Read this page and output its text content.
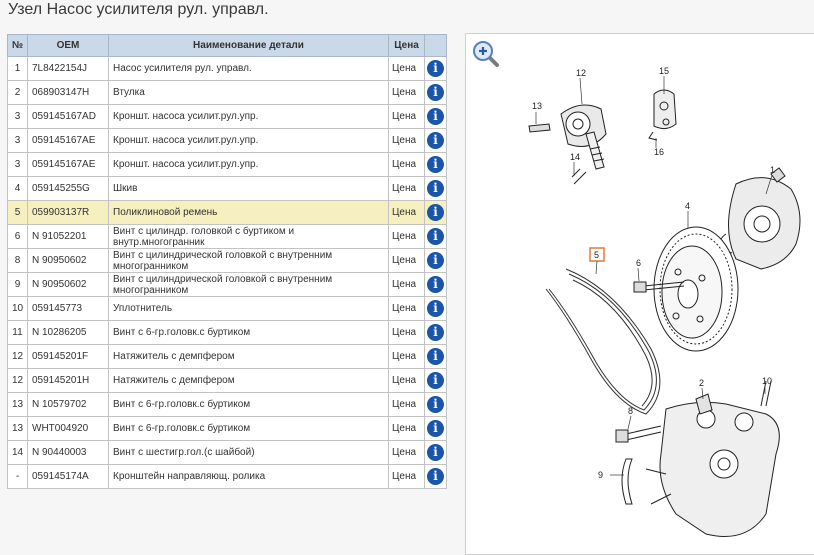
Узел Насос усилителя рул. управл.
№	OEM	Наименование детали	Цена	
1	7L8422154J	Насос усилителя рул. управл.	Цена	i
2	068903147H	Втулка	Цена	i
3	059145167AD	Кроншт. насоса усилит.рул.упр.	Цена	i
3	059145167AE	Кроншт. насоса усилит.рул.упр.	Цена	i
3	059145167AE	Кроншт. насоса усилит.рул.упр.	Цена	i
4	059145255G	Шкив	Цена	i
5	059903137R	Поликлиновой ремень	Цена	i
6	N 91052201	Винт с цилиндр. головкой с буртиком и внутр.многогранник	Цена	i
8	N 90950602	Винт с цилиндрической головкой с внутренним многогранником	Цена	i
9	N 90950602	Винт с цилиндрической головкой с внутренним многогранником	Цена	i
10	059145773	Уплотнитель	Цена	i
11	N 10286205	Винт с 6-гр.головк.с буртиком	Цена	i
12	059145201F	Натяжитель с демпфером	Цена	i
12	059145201H	Натяжитель с демпфером	Цена	i
13	N 10579702	Винт с 6-гр.головк.с буртиком	Цена	i
13	WHT004920	Винт с 6-гр.головк.с буртиком	Цена	i
14	N 90440003	Винт с шестигр.гол.(с шайбой)	Цена	i
-	059145174A	Кронштейн направляющ. ролика	Цена	i
12
13
14
15
16
1
4
5
6
2	10
8
9
